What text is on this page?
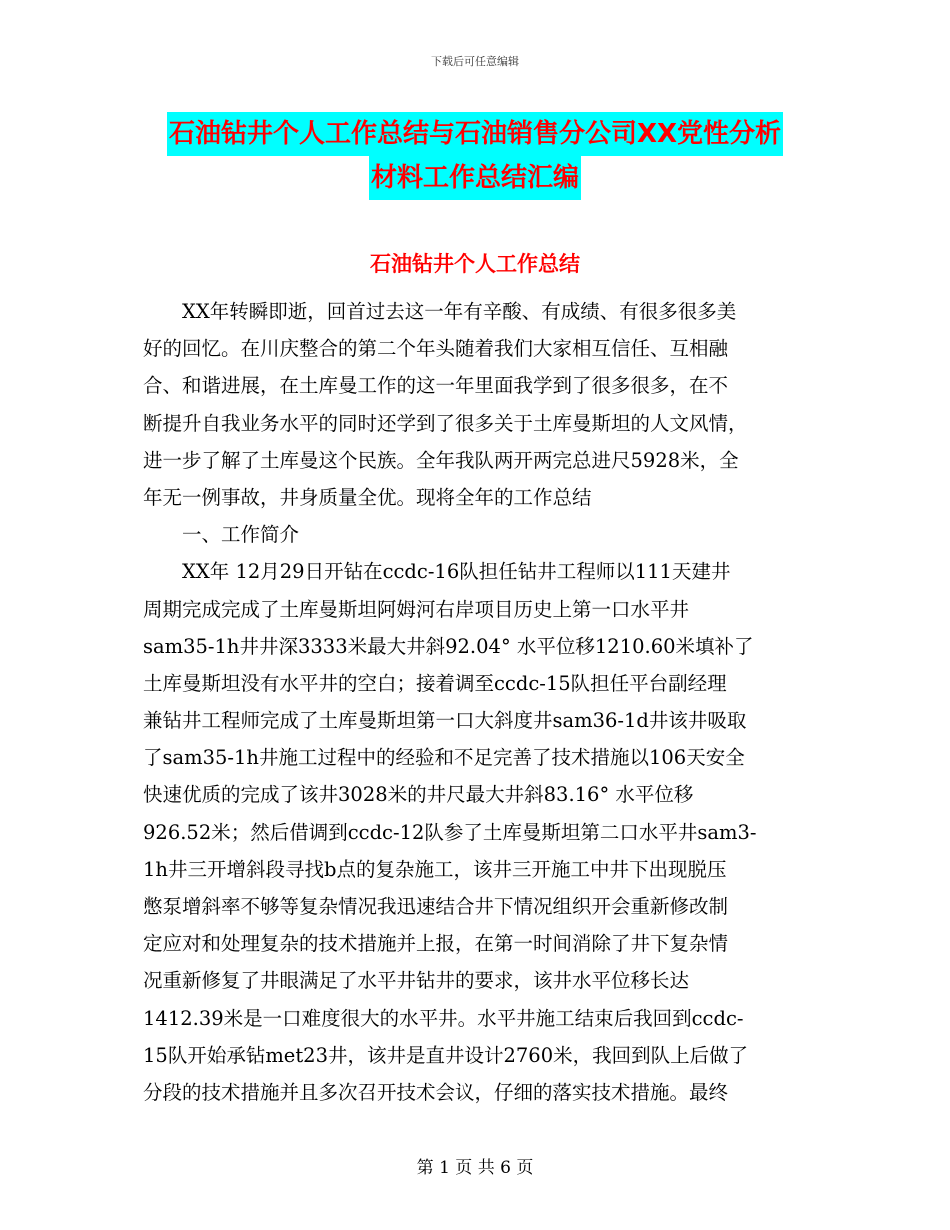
下载后可任意编辑
石油钻井个人工作总结与石油销售分公司XX党性分析
材料工作总结汇编
石油钻井个人工作总结
　　XX年转瞬即逝，回首过去这一年有辛酸、有成绩、有很多很多美
好的回忆。在川庆整合的第二个年头随着我们大家相互信任、互相融
合、和谐进展，在土库曼工作的这一年里面我学到了很多很多，在不
断提升自我业务水平的同时还学到了很多关于土库曼斯坦的人文风情，
进一步了解了土库曼这个民族。全年我队两开两完总进尺5928米，全
年无一例事故，井身质量全优。现将全年的工作总结
　　一、工作简介
　　XX年 12月29日开钻在ccdc-16队担任钻井工程师以111天建井
周期完成完成了土库曼斯坦阿姆河右岸项目历史上第一口水平井
sam35-1h井井深3333米最大井斜92.04° 水平位移1210.60米填补了
土库曼斯坦没有水平井的空白；接着调至ccdc-15队担任平台副经理
兼钻井工程师完成了土库曼斯坦第一口大斜度井sam36-1d井该井吸取
了sam35-1h井施工过程中的经验和不足完善了技术措施以106天安全
快速优质的完成了该井3028米的井尺最大井斜83.16° 水平位移
926.52米；然后借调到ccdc-12队参了土库曼斯坦第二口水平井sam3-
1h井三开增斜段寻找b点的复杂施工，该井三开施工中井下出现脱压
憋泵增斜率不够等复杂情况我迅速结合井下情况组织开会重新修改制
定应对和处理复杂的技术措施并上报，在第一时间消除了井下复杂情
况重新修复了井眼满足了水平井钻井的要求，该井水平位移长达
1412.39米是一口难度很大的水平井。水平井施工结束后我回到ccdc-
15队开始承钻met23井，该井是直井设计2760米，我回到队上后做了
分段的技术措施并且多次召开技术会议，仔细的落实技术措施。最终
第 1 页 共 6 页
